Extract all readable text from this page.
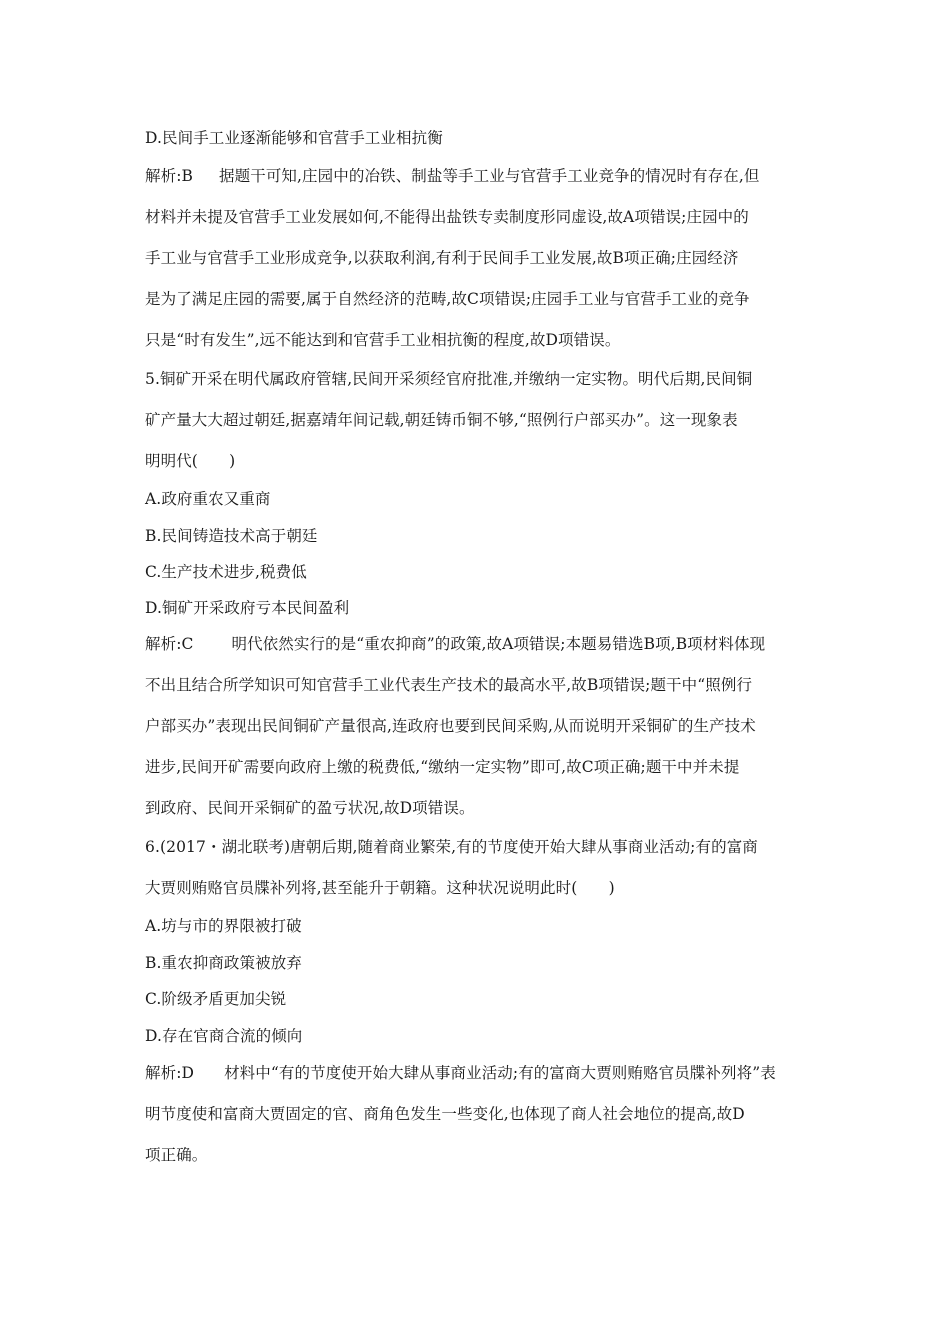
D.民间手工业逐渐能够和官营手工业相抗衡
解析:B 据题干可知,庄园中的冶铁、制盐等手工业与官营手工业竞争的情况时有存在,但
材料并未提及官营手工业发展如何,不能得出盐铁专卖制度形同虚设,故A项错误;庄园中的
手工业与官营手工业形成竞争,以获取利润,有利于民间手工业发展,故B项正确;庄园经济
是为了满足庄园的需要,属于自然经济的范畴,故C项错误;庄园手工业与官营手工业的竞争
只是“时有发生”,远不能达到和官营手工业相抗衡的程度,故D项错误。
5.铜矿开采在明代属政府管辖,民间开采须经官府批准,并缴纳一定实物。明代后期,民间铜
矿产量大大超过朝廷,据嘉靖年间记载,朝廷铸币铜不够,“照例行户部买办”。这一现象表
明明代(　　)
A.政府重农又重商
B.民间铸造技术高于朝廷
C.生产技术进步,税费低
D.铜矿开采政府亏本民间盈利
解析:C 明代依然实行的是“重农抑商”的政策,故A项错误;本题易错选B项,B项材料体现
不出且结合所学知识可知官营手工业代表生产技术的最高水平,故B项错误;题干中“照例行
户部买办”表现出民间铜矿产量很高,连政府也要到民间采购,从而说明开采铜矿的生产技术
进步,民间开矿需要向政府上缴的税费低,“缴纳一定实物”即可,故C项正确;题干中并未提
到政府、民间开采铜矿的盈亏状况,故D项错误。
6.(2017・湖北联考)唐朝后期,随着商业繁荣,有的节度使开始大肆从事商业活动;有的富商
大贾则贿赂官员牒补列将,甚至能升于朝籍。这种状况说明此时(　　)
A.坊与市的界限被打破
B.重农抑商政策被放弃
C.阶级矛盾更加尖锐
D.存在官商合流的倾向
解析:D 材料中“有的节度使开始大肆从事商业活动;有的富商大贾则贿赂官员牒补列将”表
明节度使和富商大贾固定的官、商角色发生一些变化,也体现了商人社会地位的提高,故D
项正确。
